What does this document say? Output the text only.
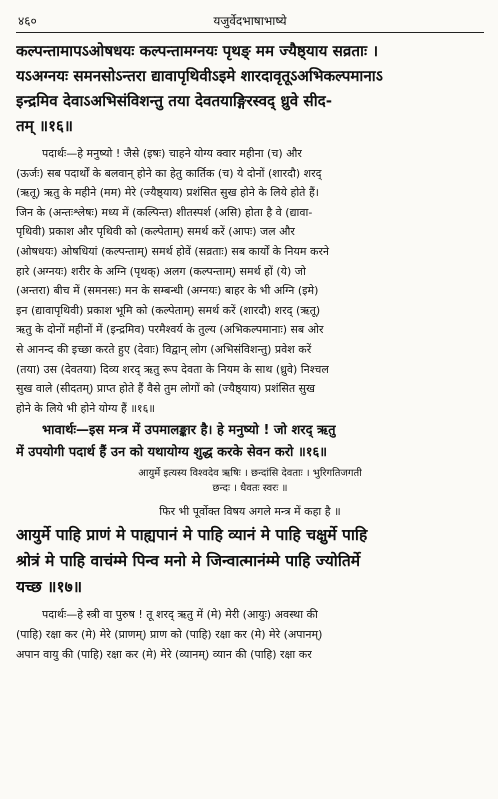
४६०	यजुर्वेदभाषाभाष्ये
कल्पन्तामापऽओषधयः कल्पन्तामग्नयः पृथङ् मम ज्यैष्ठ्याय सव्रताः ।
यऽअग्नयः समनसोऽन्तरा द्यावापृथिवीऽइमे शारदावृतूऽअभिकल्पमानाऽ
इन्द्रमिव देवाऽअभिसंविशन्तु तया देवतयाङ्गिरस्वद् ध्रुवे सीद-
तम् ॥१६॥
पदार्थः—हे मनुष्यो ! जैसे (इषः) चाहने योग्य क्वार महीना (च) और
(ऊर्जः) सब पदार्थों के बलवान् होने का हेतु कार्तिक (च) ये दोनों (शारदौ) शरद्
(ऋतू) ऋतु के महीने (मम) मेरे (ज्यैष्ठ्याय) प्रशंसित सुख होने के लिये होते हैं।
जिन के (अन्तःश्लेषः) मध्य में (कल्पिन्त) शीतस्पर्श (असि) होता है वे (द्यावा-
पृथिवी) प्रकाश और पृथिवी को (कल्पेताम्) समर्थ करें (आपः) जल और
(ओषधयः) ओषधियां (कल्पन्ताम्) समर्थ होवें (सव्रताः) सब कार्यों के नियम करने
हारे (अग्नयः) शरीर के अग्नि (पृथक्) अलग (कल्पन्ताम्) समर्थ हों (ये) जो
(अन्तरा) बीच में (समनसः) मन के सम्बन्धी (अग्नयः) बाहर के भी अग्नि (इमे)
इन (द्यावापृथिवी) प्रकाश भूमि को (कल्पेताम्) समर्थ करें (शारदौ) शरद् (ऋतू)
ऋतु के दोनों महीनों में (इन्द्रमिव) परमैश्वर्य के तुल्य (अभिकल्पमानाः) सब ओर
से आनन्द की इच्छा करते हुए (देवाः) विद्वान् लोग (अभिसंविशन्तु) प्रवेश करें
(तया) उस (देवतया) दिव्य शरद् ऋतु रूप देवता के नियम के साथ (ध्रुवे) निश्चल
सुख वाले (सीदतम्) प्राप्त होते हैं वैसे तुम लोगों को (ज्यैष्ठ्याय) प्रशंसित सुख
होने के लिये भी होने योग्य हैं ॥१६॥
भावार्थः—इस मन्त्र में उपमालङ्कार है। हे मनुष्यो ! जो शरद् ऋतु
में उपयोगी पदार्थ हैं उन को यथायोग्य शुद्ध करके सेवन करो ॥१६॥
आयुर्मे इत्यस्य विश्वदेव ऋषिः । छन्दांसि देवताः । भुरिगतिजगती
छन्दः । धैवतः स्वरः ॥
फिर भी पूर्वोक्त विषय अगले मन्त्र में कहा है ॥
आयुर्मे पाहि प्राणं मे पाह्यपानं मे पाहि व्यानं मे पाहि चक्षुर्मे पाहि
श्रोत्रं मे पाहि वाचंम्मे पिन्व मनो मे जिन्वात्मानंम्मे पाहि ज्योतिर्मे
यच्छ ॥१७॥
पदार्थः—हे स्त्री वा पुरुष ! तू शरद् ऋतु में (मे) मेरी (आयुः) अवस्था की
(पाहि) रक्षा कर (मे) मेरे (प्राणम्) प्राण को (पाहि) रक्षा कर (मे) मेरे (अपानम्)
अपान वायु की (पाहि) रक्षा कर (मे) मेरे (व्यानम्) व्यान की (पाहि) रक्षा कर
